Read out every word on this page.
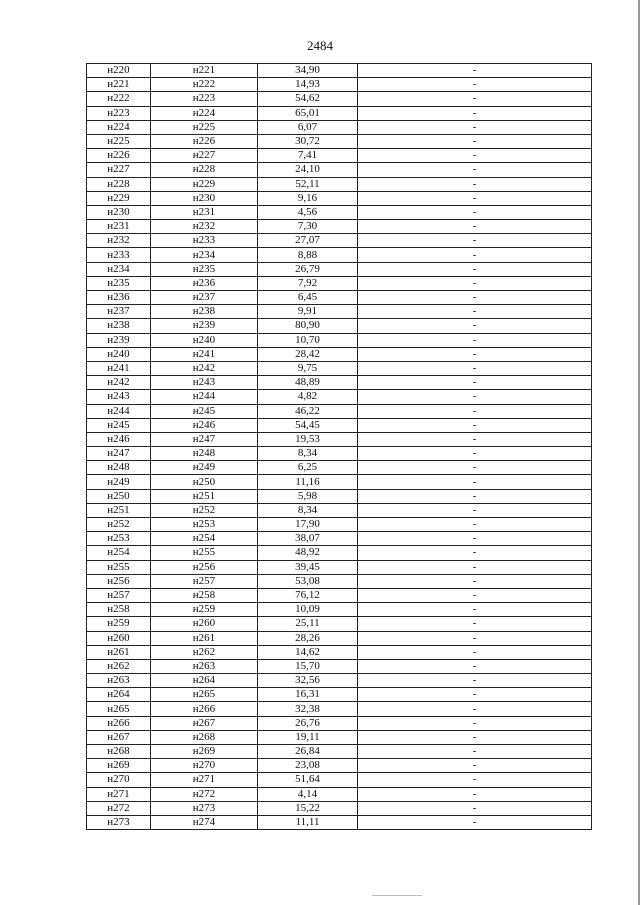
2484
н220	н221	34,90	-
н221	н222	14,93	-
н222	н223	54,62	-
н223	н224	65,01	-
н224	н225	6,07	-
н225	н226	30,72	-
н226	н227	7,41	-
н227	н228	24,10	-
н228	н229	52,11	-
н229	н230	9,16	-
н230	н231	4,56	-
н231	н232	7,30	-
н232	н233	27,07	-
н233	н234	8,88	-
н234	н235	26,79	-
н235	н236	7,92	-
н236	н237	6,45	-
н237	н238	9,91	-
н238	н239	80,90	-
н239	н240	10,70	-
н240	н241	28,42	-
н241	н242	9,75	-
н242	н243	48,89	-
н243	н244	4,82	-
н244	н245	46,22	-
н245	н246	54,45	-
н246	н247	19,53	-
н247	н248	8,34	-
н248	н249	6,25	-
н249	н250	11,16	-
н250	н251	5,98	-
н251	н252	8,34	-
н252	н253	17,90	-
н253	н254	38,07	-
н254	н255	48,92	-
н255	н256	39,45	-
н256	н257	53,08	-
н257	н258	76,12	-
н258	н259	10,09	-
н259	н260	25,11	-
н260	н261	28,26	-
н261	н262	14,62	-
н262	н263	15,70	-
н263	н264	32,56	-
н264	н265	16,31	-
н265	н266	32,38	-
н266	н267	26,76	-
н267	н268	19,11	-
н268	н269	26,84	-
н269	н270	23,08	-
н270	н271	51,64	-
н271	н272	4,14	-
н272	н273	15,22	-
н273	н274	11,11	-
